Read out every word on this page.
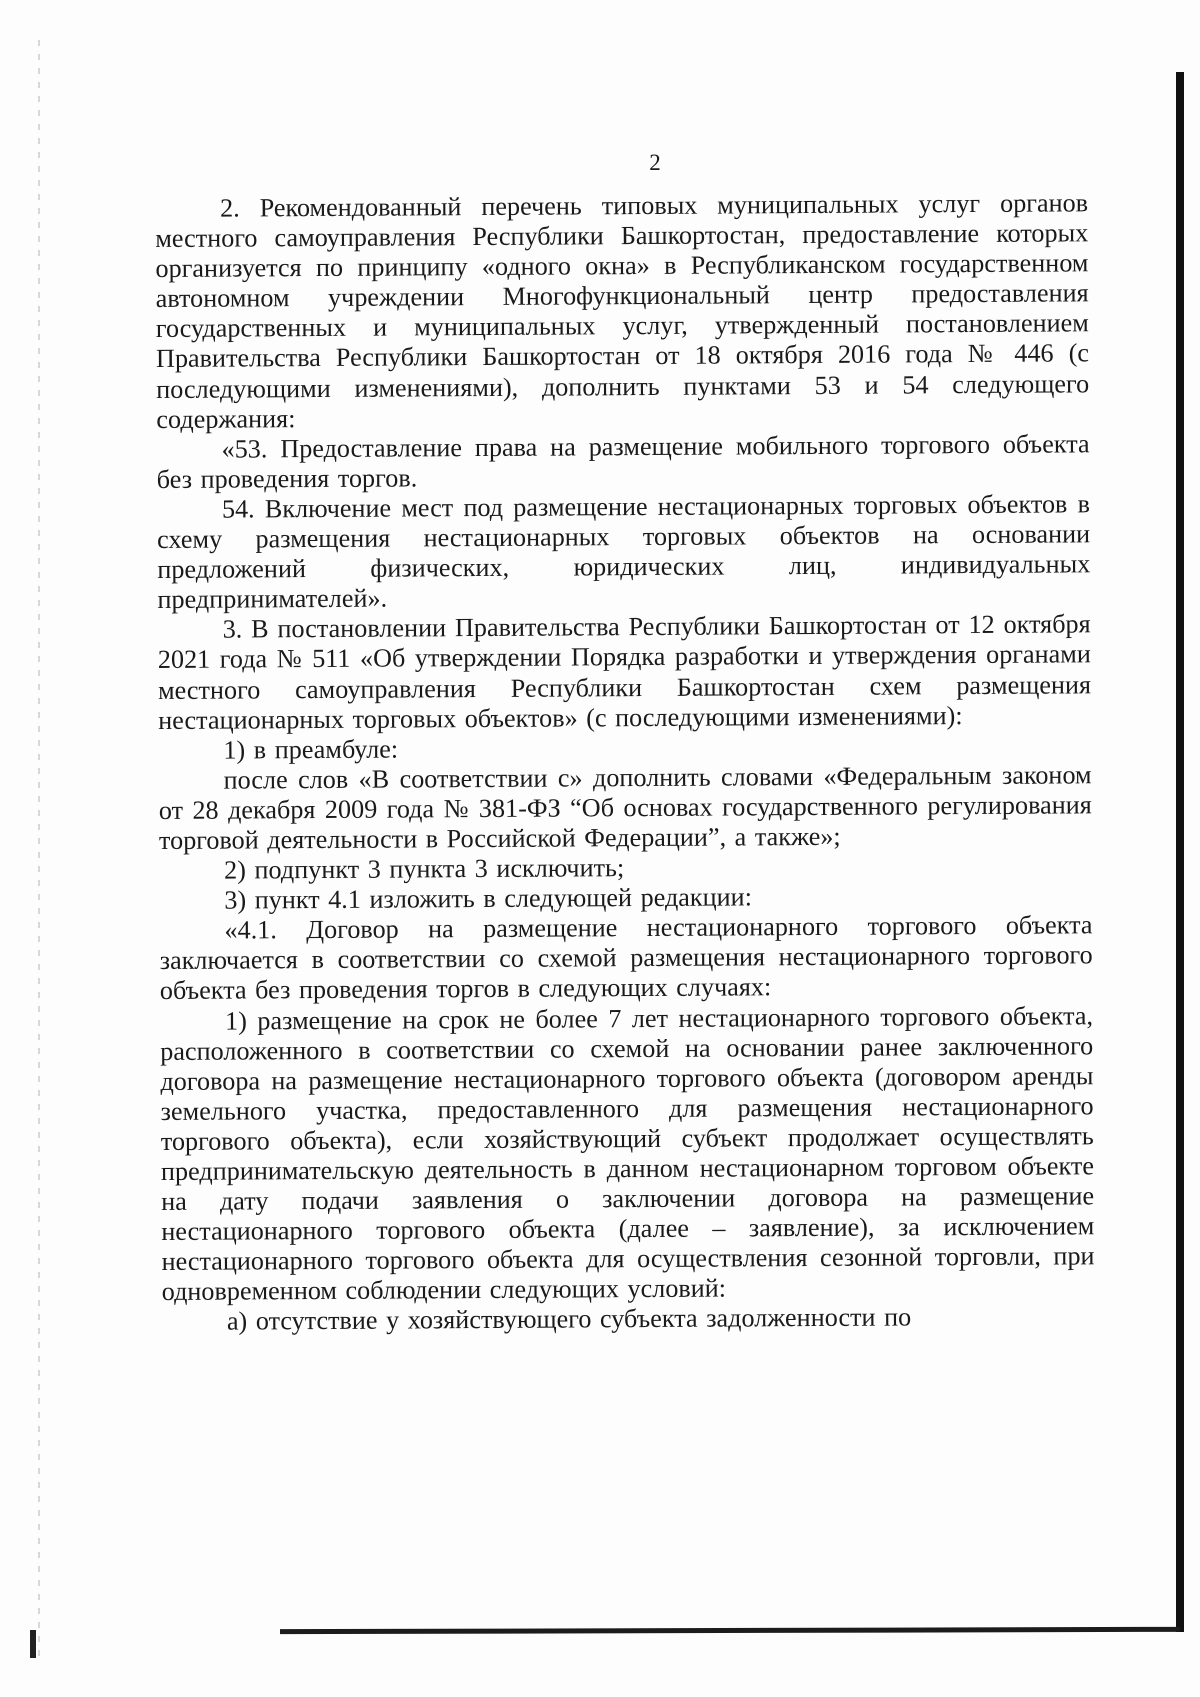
2

2. Рекомендованный перечень типовых муниципальных услуг органов местного самоуправления Республики Башкортостан, предоставление которых организуется по принципу «одного окна» в Республиканском государственном автономном учреждении Многофункциональный центр предоставления государственных и муниципальных услуг, утвержденный постановлением Правительства Республики Башкортостан от 18 октября 2016 года № 446 (с последующими изменениями), дополнить пунктами 53 и 54 следующего содержания:

«53. Предоставление права на размещение мобильного торгового объекта без проведения торгов.

54. Включение мест под размещение нестационарных торговых объектов в схему размещения нестационарных торговых объектов на основании предложений физических, юридических лиц, индивидуальных предпринимателей».

3. В постановлении Правительства Республики Башкортостан от 12 октября 2021 года № 511 «Об утверждении Порядка разработки и утверждения органами местного самоуправления Республики Башкортостан схем размещения нестационарных торговых объектов» (с последующими изменениями):

1) в преамбуле:

после слов «В соответствии с» дополнить словами «Федеральным законом от 28 декабря 2009 года № 381-ФЗ “Об основах государственного регулирования торговой деятельности в Российской Федерации”, а также»;

2) подпункт 3 пункта 3 исключить;

3) пункт 4.1 изложить в следующей редакции:

«4.1. Договор на размещение нестационарного торгового объекта заключается в соответствии со схемой размещения нестационарного торгового объекта без проведения торгов в следующих случаях:

1) размещение на срок не более 7 лет нестационарного торгового объекта, расположенного в соответствии со схемой на основании ранее заключенного договора на размещение нестационарного торгового объекта (договором аренды земельного участка, предоставленного для размещения нестационарного торгового объекта), если хозяйствующий субъект продолжает осуществлять предпринимательскую деятельность в данном нестационарном торговом объекте на дату подачи заявления о заключении договора на размещение нестационарного торгового объекта (далее – заявление), за исключением нестационарного торгового объекта для осуществления сезонной торговли, при одновременном соблюдении следующих условий:

а) отсутствие у хозяйствующего субъекта задолженности по
